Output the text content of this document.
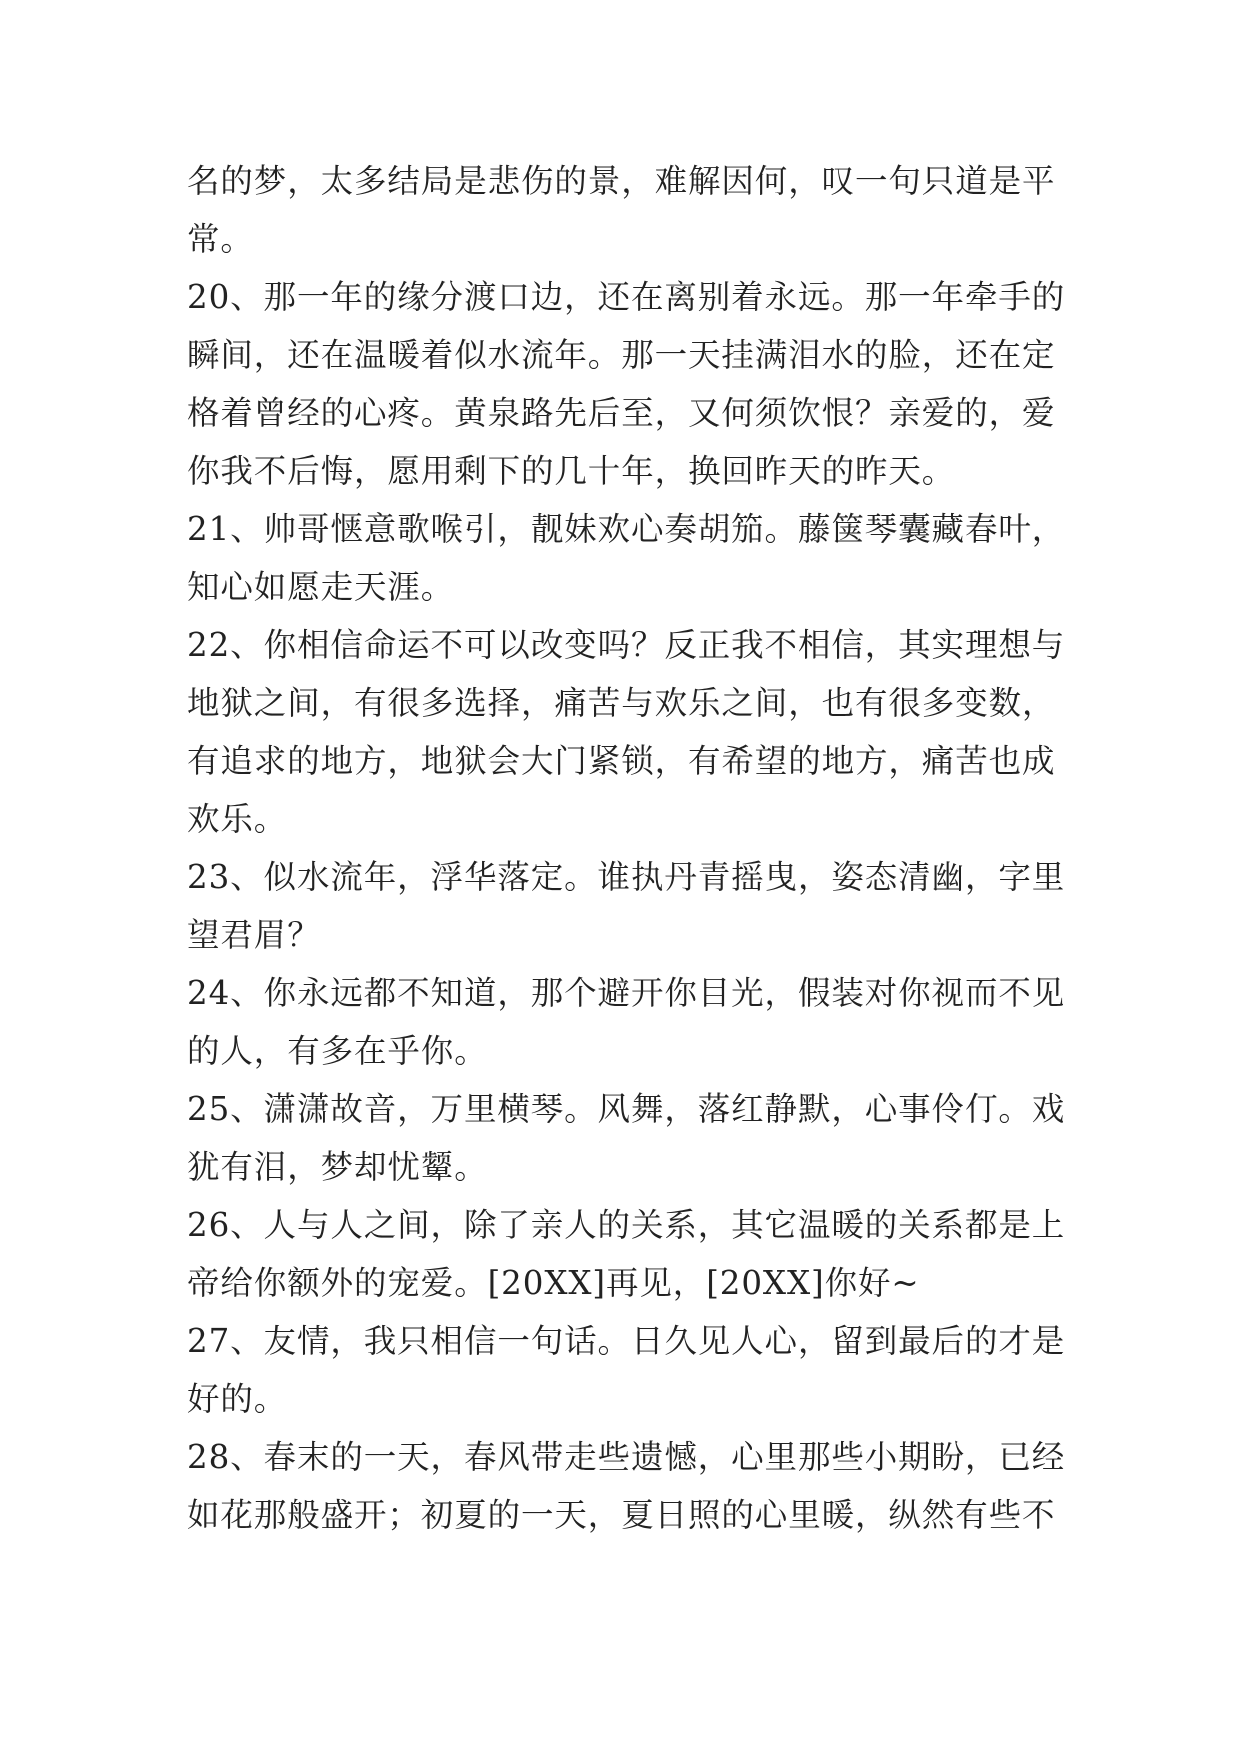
名的梦，太多结局是悲伤的景，难解因何，叹一句只道是平
常。

20、那一年的缘分渡口边，还在离别着永远。那一年牵手的
瞬间，还在温暖着似水流年。那一天挂满泪水的脸，还在定
格着曾经的心疼。黄泉路先后至，又何须饮恨？亲爱的，爱
你我不后悔，愿用剩下的几十年，换回昨天的昨天。

21、帅哥惬意歌喉引，靓妹欢心奏胡笳。藤箧琴囊藏春叶，
知心如愿走天涯。

22、你相信命运不可以改变吗？反正我不相信，其实理想与
地狱之间，有很多选择，痛苦与欢乐之间，也有很多变数，
有追求的地方，地狱会大门紧锁，有希望的地方，痛苦也成
欢乐。

23、似水流年，浮华落定。谁执丹青摇曳，姿态清幽，字里
望君眉？

24、你永远都不知道，那个避开你目光，假装对你视而不见
的人，有多在乎你。

25、潇潇故音，万里横琴。风舞，落红静默，心事伶仃。戏
犹有泪，梦却忧颦。

26、人与人之间，除了亲人的关系，其它温暖的关系都是上
帝给你额外的宠爱。[20XX]再见，[20XX]你好~

27、友情，我只相信一句话。日久见人心，留到最后的才是
好的。

28、春末的一天，春风带走些遗憾，心里那些小期盼，已经
如花那般盛开；初夏的一天，夏日照的心里暖，纵然有些不
